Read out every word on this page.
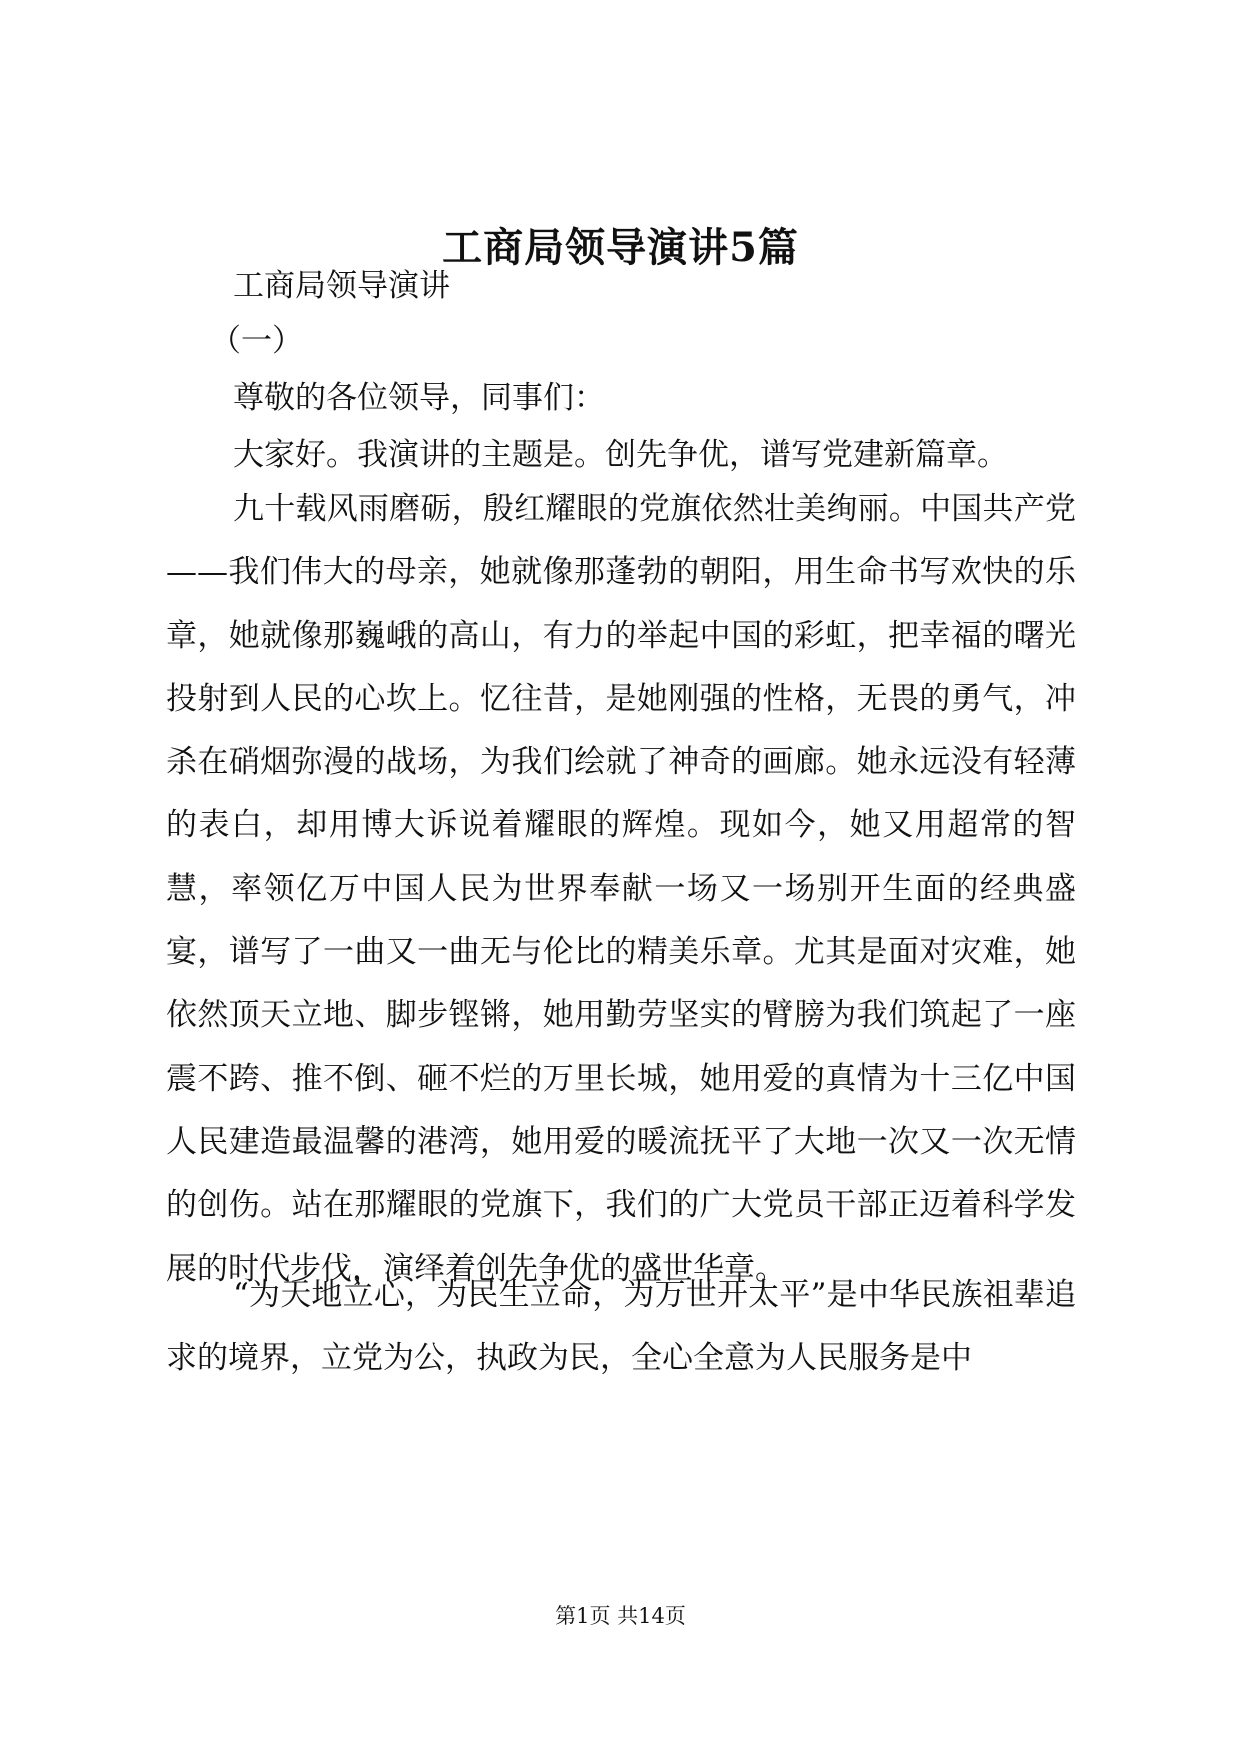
工商局领导演讲5篇
工商局领导演讲
（一）
尊敬的各位领导，同事们：
大家好。我演讲的主题是。创先争优，谱写党建新篇章。

九十载风雨磨砺，殷红耀眼的党旗依然壮美绚丽。中国共产党——我们伟大的母亲，她就像那蓬勃的朝阳，用生命书写欢快的乐章，她就像那巍峨的高山，有力的举起中国的彩虹，把幸福的曙光投射到人民的心坎上。忆往昔，是她刚强的性格，无畏的勇气，冲杀在硝烟弥漫的战场，为我们绘就了神奇的画廊。她永远没有轻薄的表白，却用博大诉说着耀眼的辉煌。现如今，她又用超常的智慧，率领亿万中国人民为世界奉献一场又一场别开生面的经典盛宴，谱写了一曲又一曲无与伦比的精美乐章。尤其是面对灾难，她依然顶天立地、脚步铿锵，她用勤劳坚实的臂膀为我们筑起了一座震不跨、推不倒、砸不烂的万里长城，她用爱的真情为十三亿中国人民建造最温馨的港湾，她用爱的暖流抚平了大地一次又一次无情的创伤。站在那耀眼的党旗下，我们的广大党员干部正迈着科学发展的时代步伐，演绎着创先争优的盛世华章。

“为天地立心，为民生立命，为万世开太平”是中华民族祖辈追求的境界，立党为公，执政为民，全心全意为人民服务是中

第1页 共14页
